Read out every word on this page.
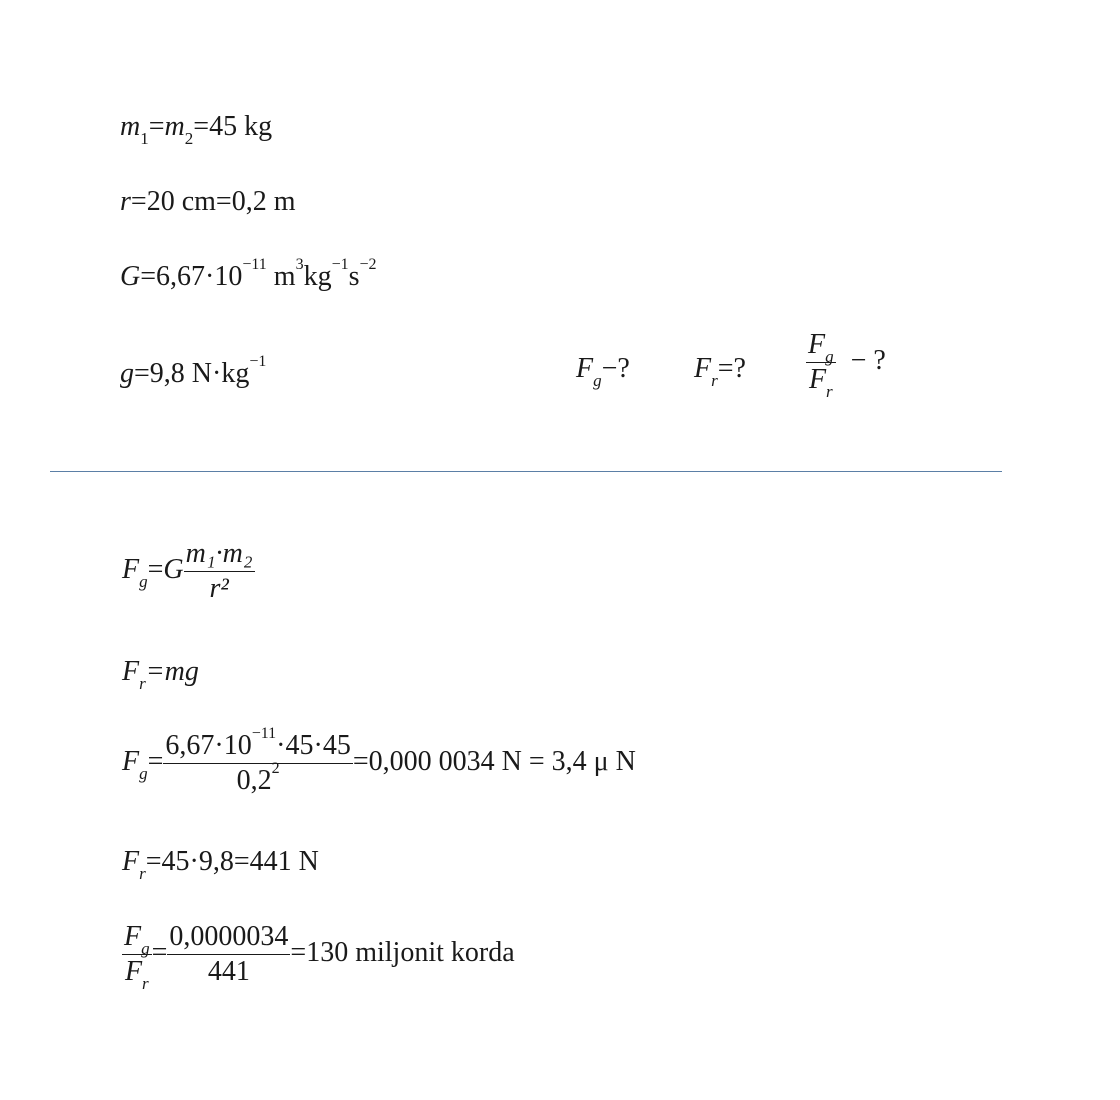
$m_1=m_2=45$ kg
r=20 cm=0,2 m
$G=6,67\cdot 10^{-11}$ $m^3kg^{-1}s^{-2}$
g=9,8 $N\cdot kg^{-1}$	$F_g-$? $F_r=$? $\frac{F_g}{F_r}$ − ?
$F_g=G \frac{\text{m₁·m₂}}{\text{r²}}$
$F_r=mg$
$F_g= \frac{6,67\cdot 10^{-11}\cdot 45\cdot 45}{0,2^2} =0,000$ 0034 N = 3,4 μ N
$F_r=45\cdot 9,8=441$ N
$\frac{F_g}{F_r} = \frac{0,0000034}{441} =130$ miljonit korda
